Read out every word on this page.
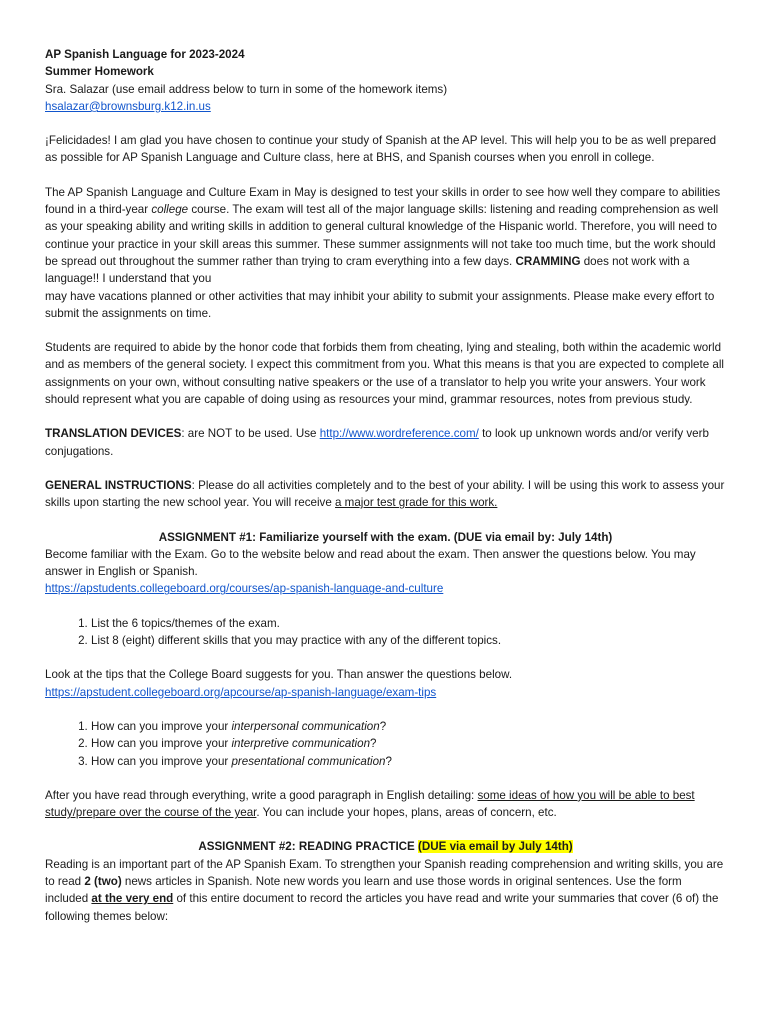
AP Spanish Language for 2023-2024

Summer Homework

Sra. Salazar (use email address below to turn in some of the homework items)

hsalazar@brownsburg.k12.in.us

¡Felicidades! I am glad you have chosen to continue your study of Spanish at the AP level. This will help you to be as well prepared as possible for AP Spanish Language and Culture class, here at BHS, and Spanish courses when you enroll in college.

The AP Spanish Language and Culture Exam in May is designed to test your skills in order to see how well they compare to abilities found in a third-year college course. The exam will test all of the major language skills: listening and reading comprehension as well as your speaking ability and writing skills in addition to general cultural knowledge of the Hispanic world. Therefore, you will need to continue your practice in your skill areas this summer. These summer assignments will not take too much time, but the work should be spread out throughout the summer rather than trying to cram everything into a few days. CRAMMING does not work with a language!! I understand that you

may have vacations planned or other activities that may inhibit your ability to submit your assignments. Please make every effort to submit the assignments on time.

Students are required to abide by the honor code that forbids them from cheating, lying and stealing, both within the academic world and as members of the general society. I expect this commitment from you. What this means is that you are expected to complete all assignments on your own, without consulting native speakers or the use of a translator to help you write your answers. Your work should represent what you are capable of doing using as resources your mind, grammar resources, notes from previous study.

TRANSLATION DEVICES: are NOT to be used. Use http://www.wordreference.com/ to look up unknown words and/or verify verb conjugations.

GENERAL INSTRUCTIONS: Please do all activities completely and to the best of your ability. I will be using this work to assess your skills upon starting the new school year. You will receive a major test grade for this work.

ASSIGNMENT #1: Familiarize yourself with the exam. (DUE via email by: July 14th)

Become familiar with the Exam. Go to the website below and read about the exam. Then answer the questions below. You may answer in English or Spanish.

https://apstudents.collegeboard.org/courses/ap-spanish-language-and-culture

1. List the 6 topics/themes of the exam.
2. List 8 (eight) different skills that you may practice with any of the different topics.

Look at the tips that the College Board suggests for you. Than answer the questions below.

https://apstudent.collegeboard.org/apcourse/ap-spanish-language/exam-tips

1. How can you improve your interpersonal communication?
2. How can you improve your interpretive communication?
3. How can you improve your presentational communication?

After you have read through everything, write a good paragraph in English detailing: some ideas of how you will be able to best study/prepare over the course of the year. You can include your hopes, plans, areas of concern, etc.

ASSIGNMENT #2: READING PRACTICE (DUE via email by July 14th)

Reading is an important part of the AP Spanish Exam. To strengthen your Spanish reading comprehension and writing skills, you are to read 2 (two) news articles in Spanish. Note new words you learn and use those words in original sentences. Use the form included at the very end of this entire document to record the articles you have read and write your summaries that cover (6 of) the following themes below:
